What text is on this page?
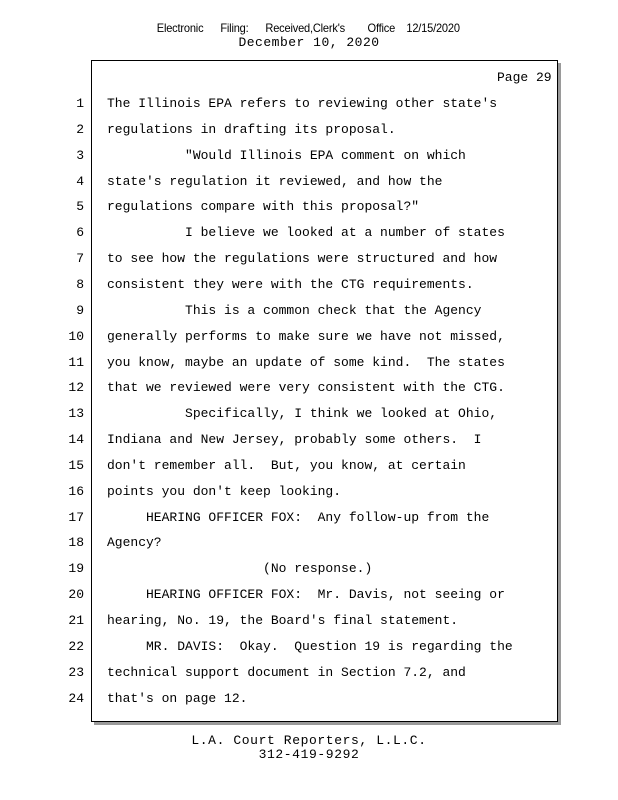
Electronic   Filing:   Received,Clerk's    Office  12/15/2020
December 10, 2020
Page 29
1 The Illinois EPA refers to reviewing other state's
2 regulations in drafting its proposal.
3 "Would Illinois EPA comment on which
4 state's regulation it reviewed, and how the
5 regulations compare with this proposal?"
6 I believe we looked at a number of states
7 to see how the regulations were structured and how
8 consistent they were with the CTG requirements.
9 This is a common check that the Agency
10 generally performs to make sure we have not missed,
11 you know, maybe an update of some kind.  The states
12 that we reviewed were very consistent with the CTG.
13 Specifically, I think we looked at Ohio,
14 Indiana and New Jersey, probably some others.  I
15 don't remember all.  But, you know, at certain
16 points you don't keep looking.
17 HEARING OFFICER FOX:  Any follow-up from the
18 Agency?
19 (No response.)
20 HEARING OFFICER FOX:  Mr. Davis, not seeing or
21 hearing, No. 19, the Board's final statement.
22 MR. DAVIS:  Okay.  Question 19 is regarding the
23 technical support document in Section 7.2, and
24 that's on page 12.
L.A. Court Reporters, L.L.C.
312-419-9292
